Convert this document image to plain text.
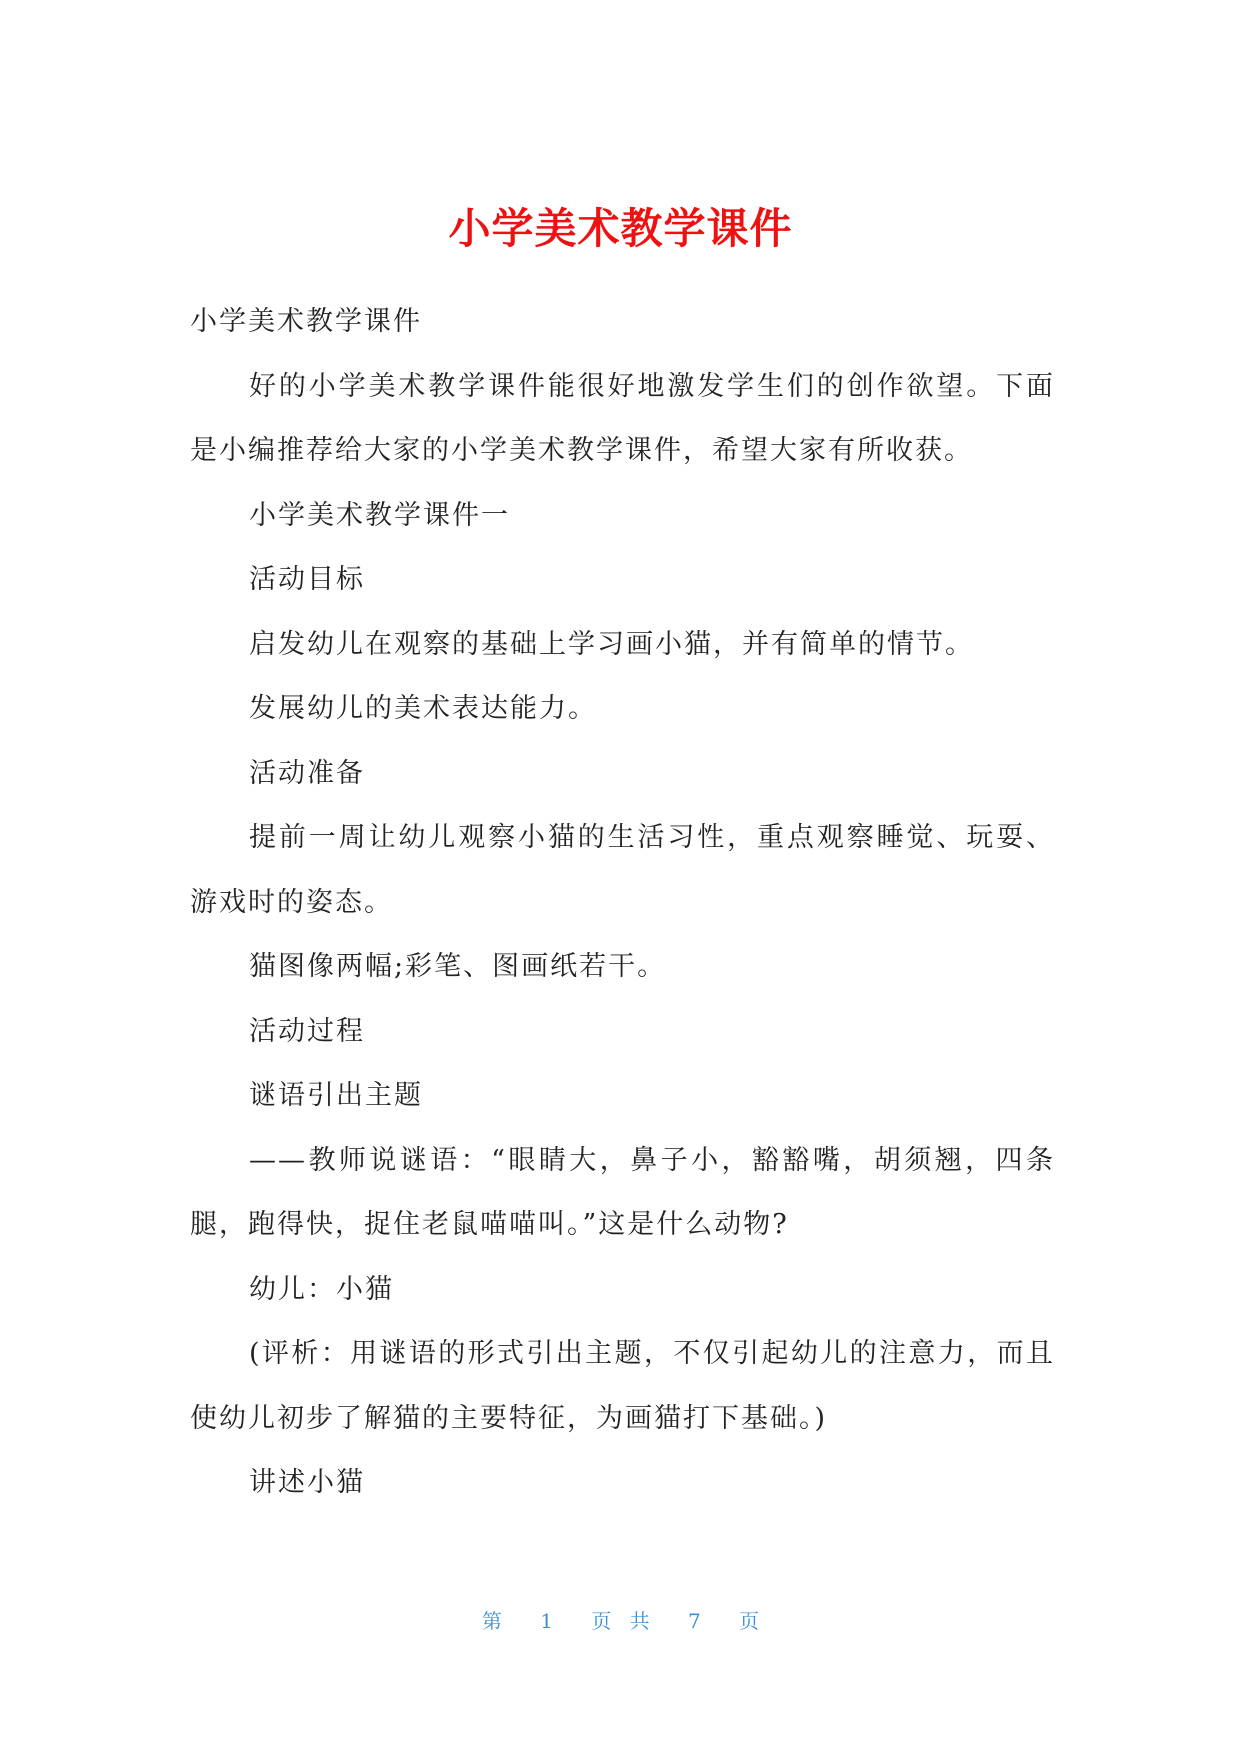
小学美术教学课件

小学美术教学课件

好的小学美术教学课件能很好地激发学生们的创作欲望。下面是小编推荐给大家的小学美术教学课件，希望大家有所收获。

小学美术教学课件一

活动目标

启发幼儿在观察的基础上学习画小猫，并有简单的情节。

发展幼儿的美术表达能力。

活动准备

提前一周让幼儿观察小猫的生活习性，重点观察睡觉、玩耍、游戏时的姿态。

猫图像两幅;彩笔、图画纸若干。

活动过程

谜语引出主题

——教师说谜语：“眼睛大，鼻子小，豁豁嘴，胡须翘，四条腿，跑得快，捉住老鼠喵喵叫。”这是什么动物?

幼儿：小猫

(评析：用谜语的形式引出主题，不仅引起幼儿的注意力，而且使幼儿初步了解猫的主要特征，为画猫打下基础。)

讲述小猫

第 1 页 共 7 页
